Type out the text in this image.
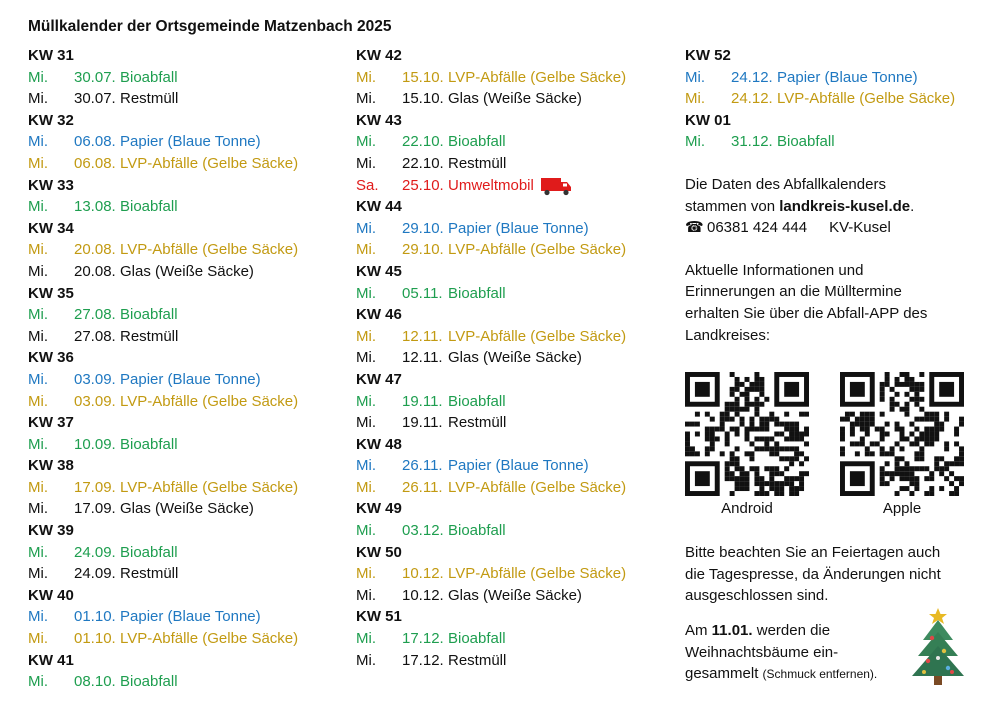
Müllkalender der Ortsgemeinde Matzenbach 2025
KW 31
Mi. 30.07. Bioabfall
Mi. 30.07. Restmüll
KW 32
Mi. 06.08. Papier (Blaue Tonne)
Mi. 06.08. LVP-Abfälle (Gelbe Säcke)
KW 33
Mi. 13.08. Bioabfall
KW 34
Mi. 20.08. LVP-Abfälle (Gelbe Säcke)
Mi. 20.08. Glas (Weiße Säcke)
KW 35
Mi. 27.08. Bioabfall
Mi. 27.08. Restmüll
KW 36
Mi. 03.09. Papier (Blaue Tonne)
Mi. 03.09. LVP-Abfälle (Gelbe Säcke)
KW 37
Mi. 10.09. Bioabfall
KW 38
Mi. 17.09. LVP-Abfälle (Gelbe Säcke)
Mi. 17.09. Glas (Weiße Säcke)
KW 39
Mi. 24.09. Bioabfall
Mi. 24.09. Restmüll
KW 40
Mi. 01.10. Papier (Blaue Tonne)
Mi. 01.10. LVP-Abfälle (Gelbe Säcke)
KW 41
Mi. 08.10. Bioabfall
KW 42
Mi. 15.10. LVP-Abfälle (Gelbe Säcke)
Mi. 15.10. Glas (Weiße Säcke)
KW 43
Mi. 22.10. Bioabfall
Mi. 22.10. Restmüll
Sa. 25.10. Umweltmobil
KW 44
Mi. 29.10. Papier (Blaue Tonne)
Mi. 29.10. LVP-Abfälle (Gelbe Säcke)
KW 45
Mi. 05.11. Bioabfall
KW 46
Mi. 12.11. LVP-Abfälle (Gelbe Säcke)
Mi. 12.11. Glas (Weiße Säcke)
KW 47
Mi. 19.11. Bioabfall
Mi. 19.11. Restmüll
KW 48
Mi. 26.11. Papier (Blaue Tonne)
Mi. 26.11. LVP-Abfälle (Gelbe Säcke)
KW 49
Mi. 03.12. Bioabfall
KW 50
Mi. 10.12. LVP-Abfälle (Gelbe Säcke)
Mi. 10.12. Glas (Weiße Säcke)
KW 51
Mi. 17.12. Bioabfall
Mi. 17.12. Restmüll
KW 52
Mi. 24.12. Papier (Blaue Tonne)
Mi. 24.12. LVP-Abfälle (Gelbe Säcke)
KW 01
Mi. 31.12. Bioabfall

Die Daten des Abfallkalenders

stammen von landkreis-kusel.de.

☎ 06381 424 444 KV-Kusel

Aktuelle Informationen und

Erinnerungen an die Mülltermine

erhalten Sie über die Abfall-APP des

Landkreises:

Android	Apple

Bitte beachten Sie an Feiertagen auch

die Tagespresse, da Änderungen nicht

ausgeschlossen sind.

Am 11.01. werden die

Weihnachtsbäume ein-

gesammelt (Schmuck entfernen).
